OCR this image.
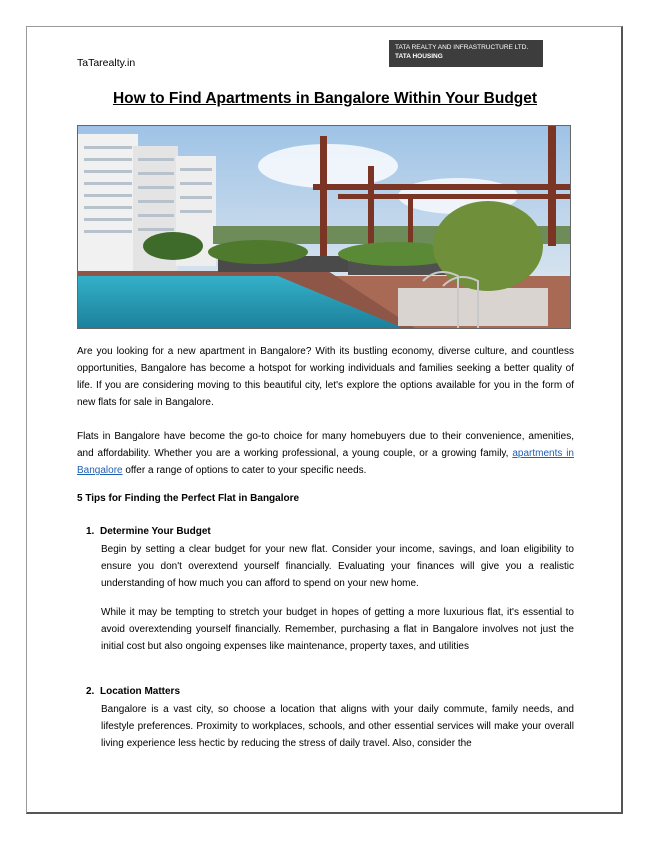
TaTarealty.in
TATA REALTY AND INFRASTRUCTURE LTD.
TATA HOUSING
How to Find Apartments in Bangalore Within Your Budget

Are you looking for a new apartment in Bangalore? With its bustling economy, diverse culture, and countless opportunities, Bangalore has become a hotspot for working individuals and families seeking a better quality of life. If you are considering moving to this beautiful city, let's explore the options available for you in the form of new flats for sale in Bangalore.

Flats in Bangalore have become the go-to choice for many homebuyers due to their convenience, amenities, and affordability. Whether you are a working professional, a young couple, or a growing family, apartments in Bangalore offer a range of options to cater to your specific needs.

5 Tips for Finding the Perfect Flat in Bangalore

1. Determine Your Budget

Begin by setting a clear budget for your new flat. Consider your income, savings, and loan eligibility to ensure you don't overextend yourself financially. Evaluating your finances will give you a realistic understanding of how much you can afford to spend on your new home.

While it may be tempting to stretch your budget in hopes of getting a more luxurious flat, it's essential to avoid overextending yourself financially. Remember, purchasing a flat in Bangalore involves not just the initial cost but also ongoing expenses like maintenance, property taxes, and utilities

2. Location Matters

Bangalore is a vast city, so choose a location that aligns with your daily commute, family needs, and lifestyle preferences. Proximity to workplaces, schools, and other essential services will make your overall living experience less hectic by reducing the stress of daily travel. Also, consider the
